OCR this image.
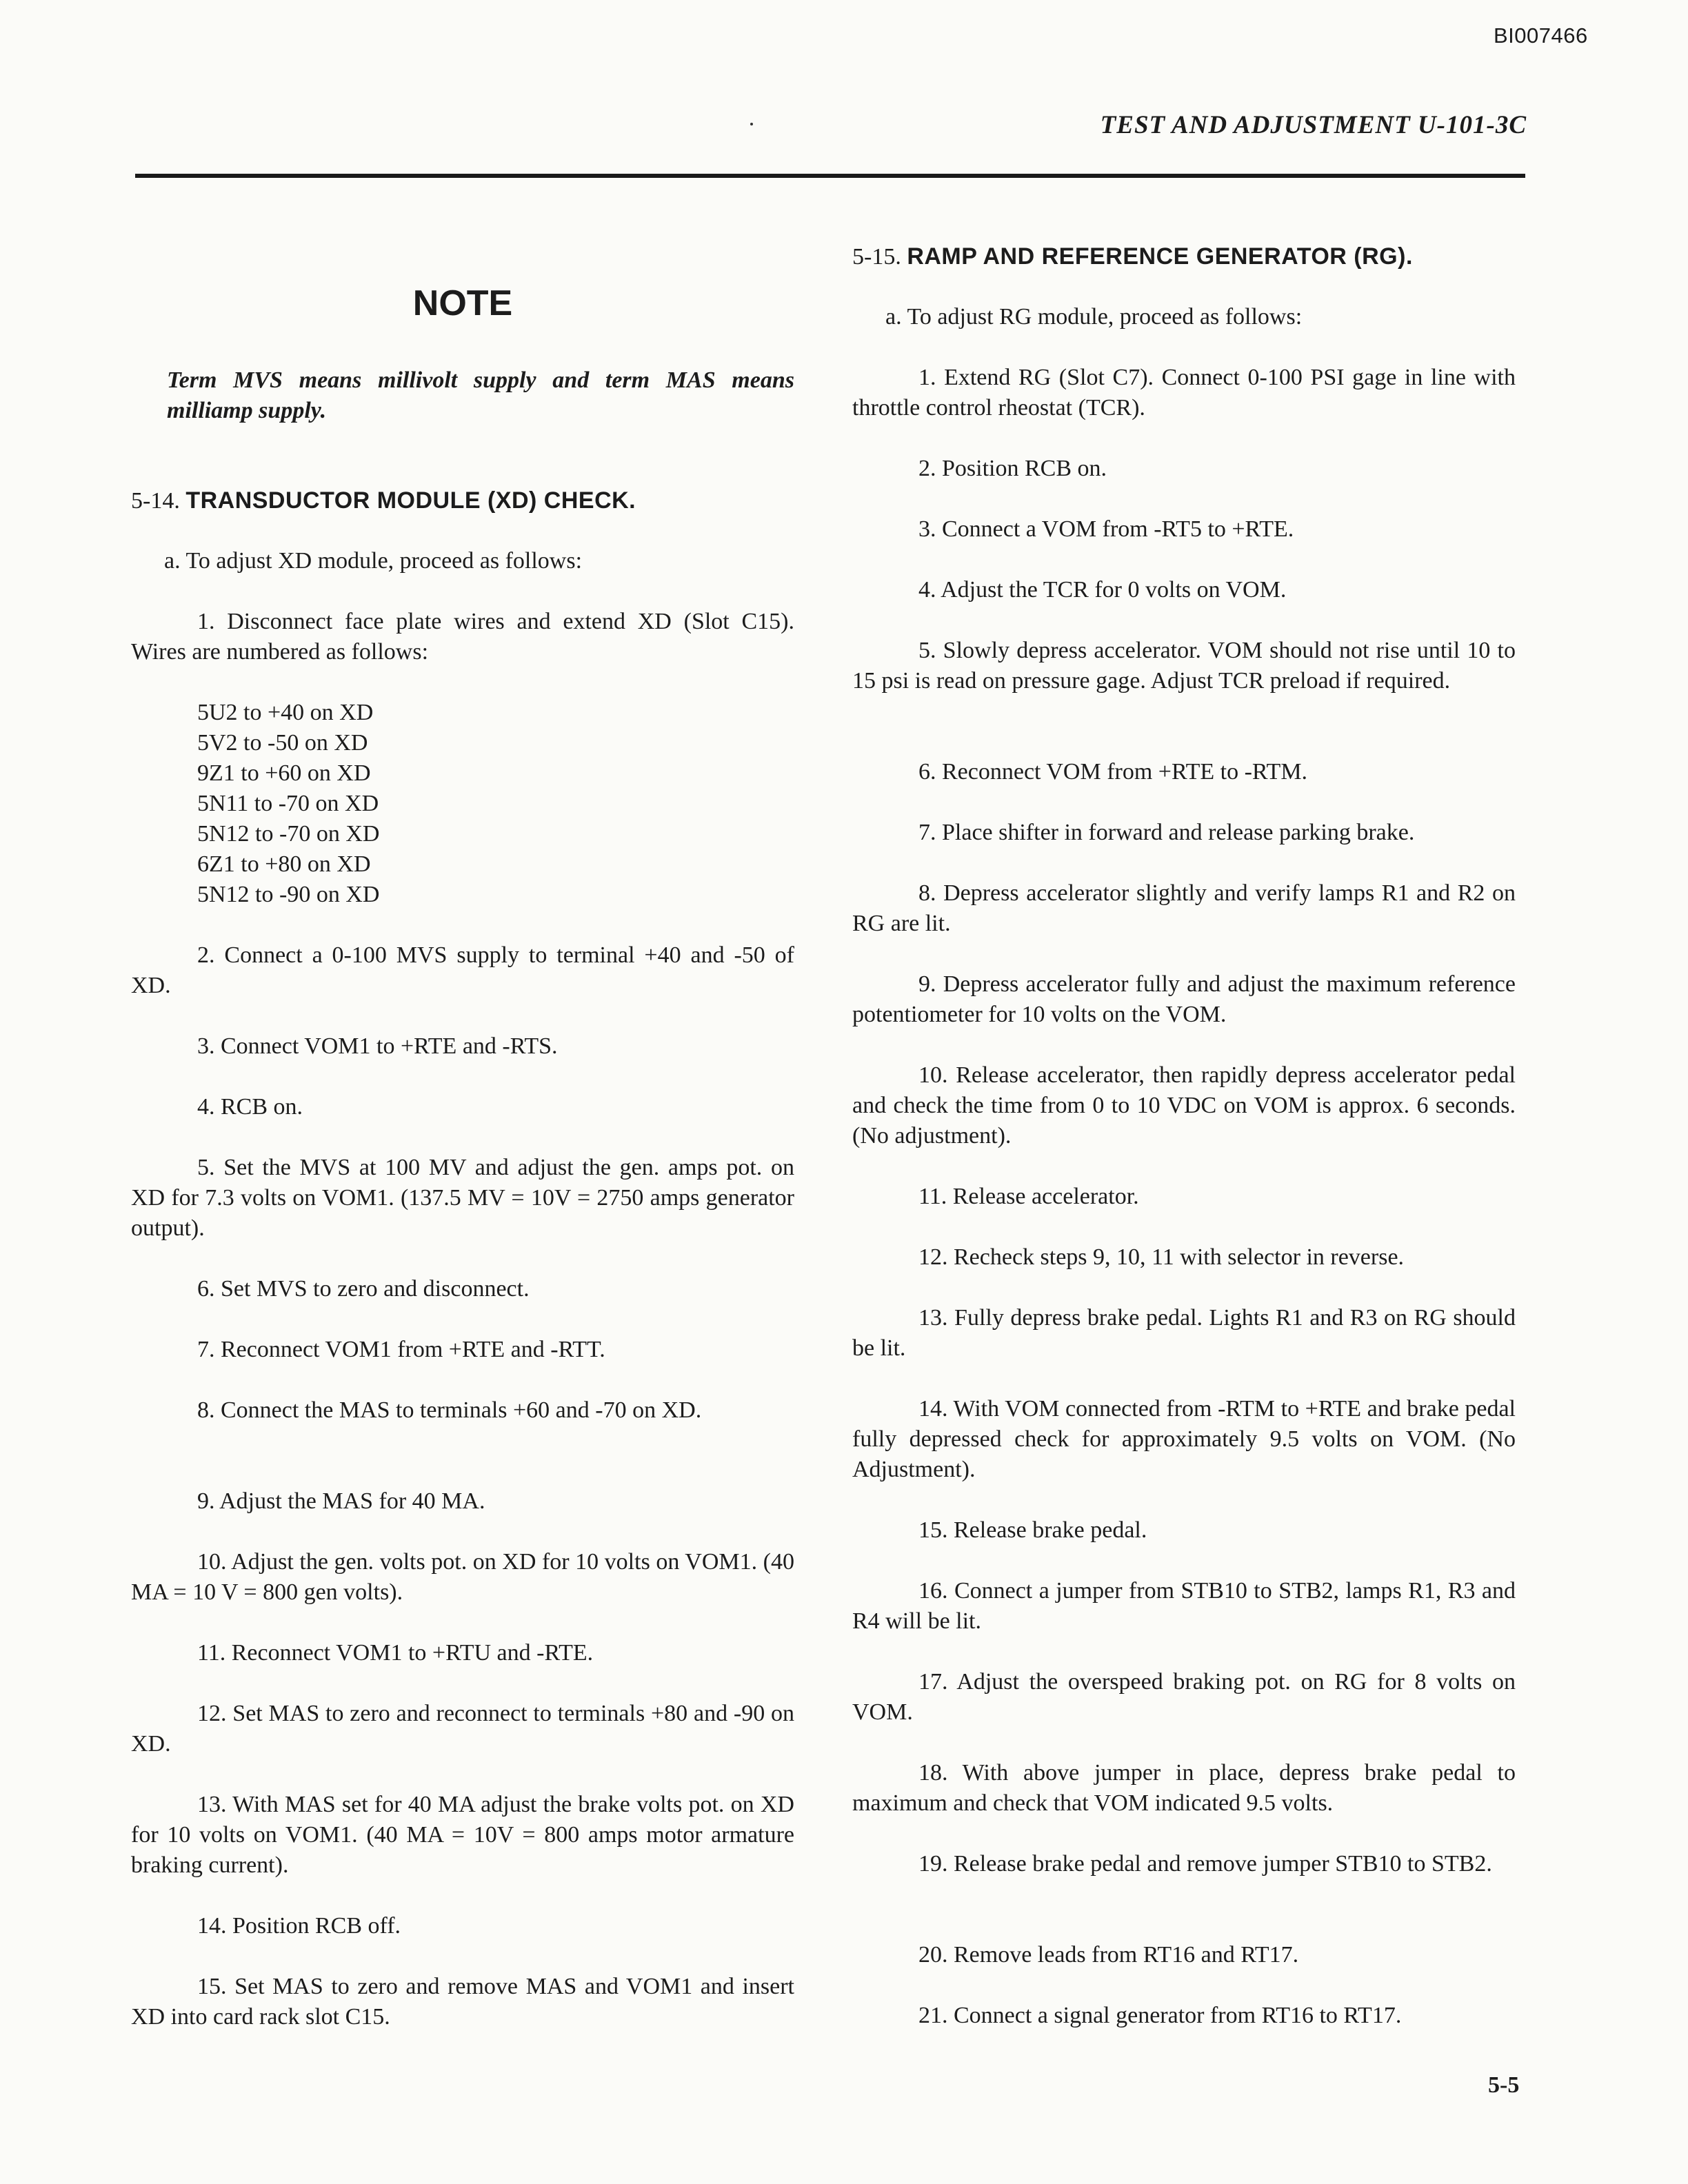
BI007466
TEST AND ADJUSTMENT U-101-3C
NOTE
Term MVS means millivolt supply and term MAS means milliamp supply.
5-14. TRANSDUCTOR MODULE (XD) CHECK.
a. To adjust XD module, proceed as follows:
1. Disconnect face plate wires and extend XD (Slot C15). Wires are numbered as follows:
5U2 to +40 on XD
5V2 to -50 on XD
9Z1 to +60 on XD
5N11 to -70 on XD
5N12 to -70 on XD
6Z1 to +80 on XD
5N12 to -90 on XD
2. Connect a 0-100 MVS supply to terminal +40 and -50 of XD.
3. Connect VOM1 to +RTE and -RTS.
4. RCB on.
5. Set the MVS at 100 MV and adjust the gen. amps pot. on XD for 7.3 volts on VOM1. (137.5 MV = 10V = 2750 amps generator output).
6. Set MVS to zero and disconnect.
7. Reconnect VOM1 from +RTE and -RTT.
8. Connect the MAS to terminals +60 and -70 on XD.
9. Adjust the MAS for 40 MA.
10. Adjust the gen. volts pot. on XD for 10 volts on VOM1. (40 MA = 10 V = 800 gen volts).
11. Reconnect VOM1 to +RTU and -RTE.
12. Set MAS to zero and reconnect to terminals +80 and -90 on XD.
13. With MAS set for 40 MA adjust the brake volts pot. on XD for 10 volts on VOM1. (40 MA = 10V = 800 amps motor armature braking current).
14. Position RCB off.
15. Set MAS to zero and remove MAS and VOM1 and insert XD into card rack slot C15.
5-15. RAMP AND REFERENCE GENERATOR (RG).
a. To adjust RG module, proceed as follows:
1. Extend RG (Slot C7). Connect 0-100 PSI gage in line with throttle control rheostat (TCR).
2. Position RCB on.
3. Connect a VOM from -RT5 to +RTE.
4. Adjust the TCR for 0 volts on VOM.
5. Slowly depress accelerator. VOM should not rise until 10 to 15 psi is read on pressure gage. Adjust TCR preload if required.
6. Reconnect VOM from +RTE to -RTM.
7. Place shifter in forward and release parking brake.
8. Depress accelerator slightly and verify lamps R1 and R2 on RG are lit.
9. Depress accelerator fully and adjust the maximum reference potentiometer for 10 volts on the VOM.
10. Release accelerator, then rapidly depress accelerator pedal and check the time from 0 to 10 VDC on VOM is approx. 6 seconds. (No adjustment).
11. Release accelerator.
12. Recheck steps 9, 10, 11 with selector in reverse.
13. Fully depress brake pedal. Lights R1 and R3 on RG should be lit.
14. With VOM connected from -RTM to +RTE and brake pedal fully depressed check for approximately 9.5 volts on VOM. (No Adjustment).
15. Release brake pedal.
16. Connect a jumper from STB10 to STB2, lamps R1, R3 and R4 will be lit.
17. Adjust the overspeed braking pot. on RG for 8 volts on VOM.
18. With above jumper in place, depress brake pedal to maximum and check that VOM indicated 9.5 volts.
19. Release brake pedal and remove jumper STB10 to STB2.
20. Remove leads from RT16 and RT17.
21. Connect a signal generator from RT16 to RT17.
5-5
